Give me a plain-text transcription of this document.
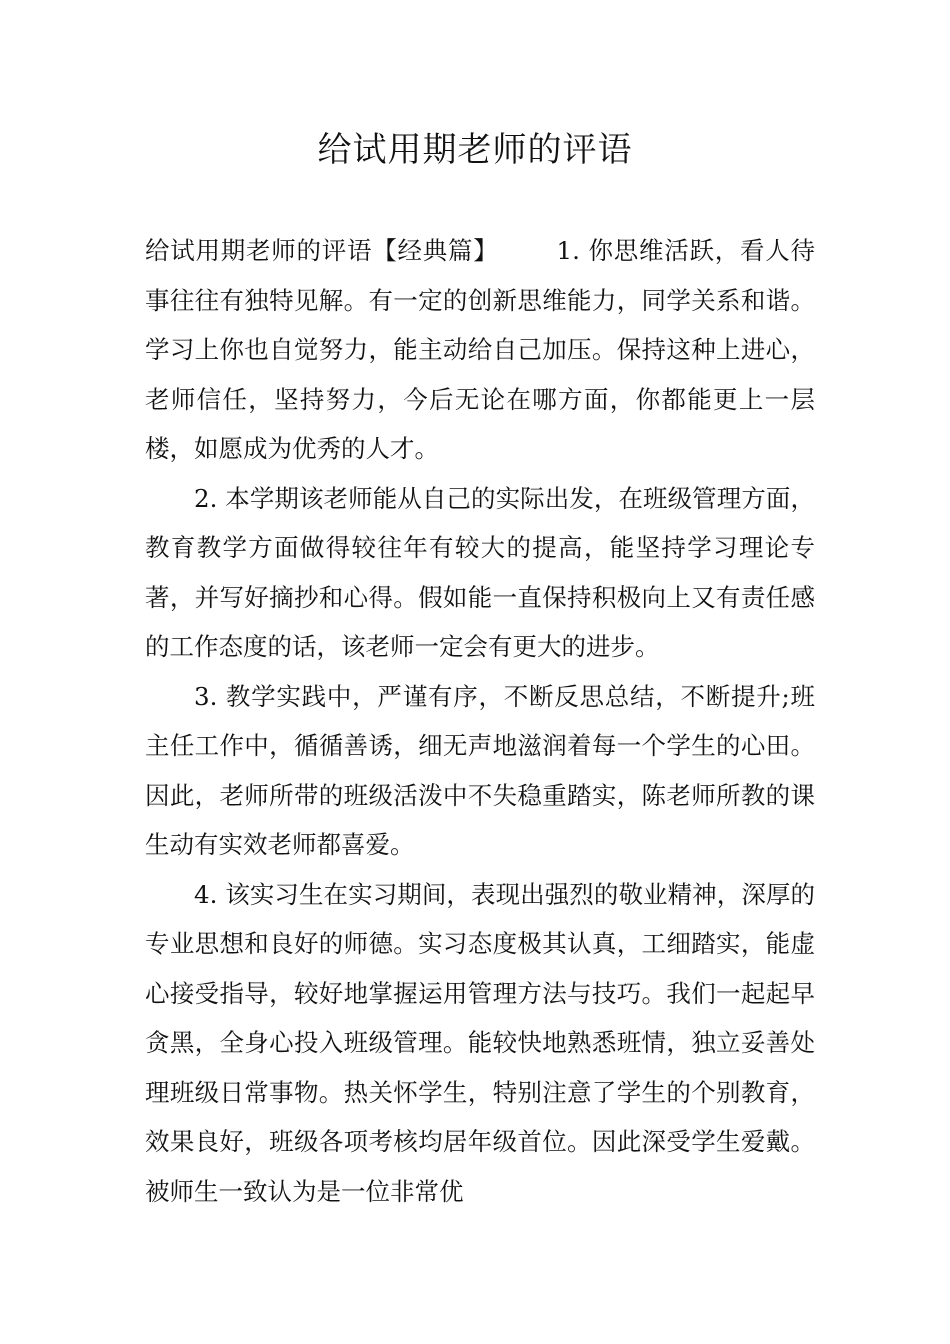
给试用期老师的评语

给试用期老师的评语【经典篇】 1. 你思维活跃，看人待事往往有独特见解。有一定的创新思维能力，同学关系和谐。学习上你也自觉努力，能主动给自己加压。保持这种上进心，老师信任，坚持努力，今后无论在哪方面，你都能更上一层楼，如愿成为优秀的人才。

2. 本学期该老师能从自己的实际出发，在班级管理方面，教育教学方面做得较往年有较大的提高，能坚持学习理论专著，并写好摘抄和心得。假如能一直保持积极向上又有责任感的工作态度的话，该老师一定会有更大的进步。

3. 教学实践中，严谨有序，不断反思总结，不断提升;班主任工作中，循循善诱，细无声地滋润着每一个学生的心田。因此，老师所带的班级活泼中不失稳重踏实，陈老师所教的课生动有实效老师都喜爱。

4. 该实习生在实习期间，表现出强烈的敬业精神，深厚的专业思想和良好的师德。实习态度极其认真，工细踏实，能虚心接受指导，较好地掌握运用管理方法与技巧。我们一起起早贪黑，全身心投入班级管理。能较快地熟悉班情，独立妥善处理班级日常事物。热关怀学生，特别注意了学生的个别教育，效果良好，班级各项考核均居年级首位。因此深受学生爱戴。被师生一致认为是一位非常优
